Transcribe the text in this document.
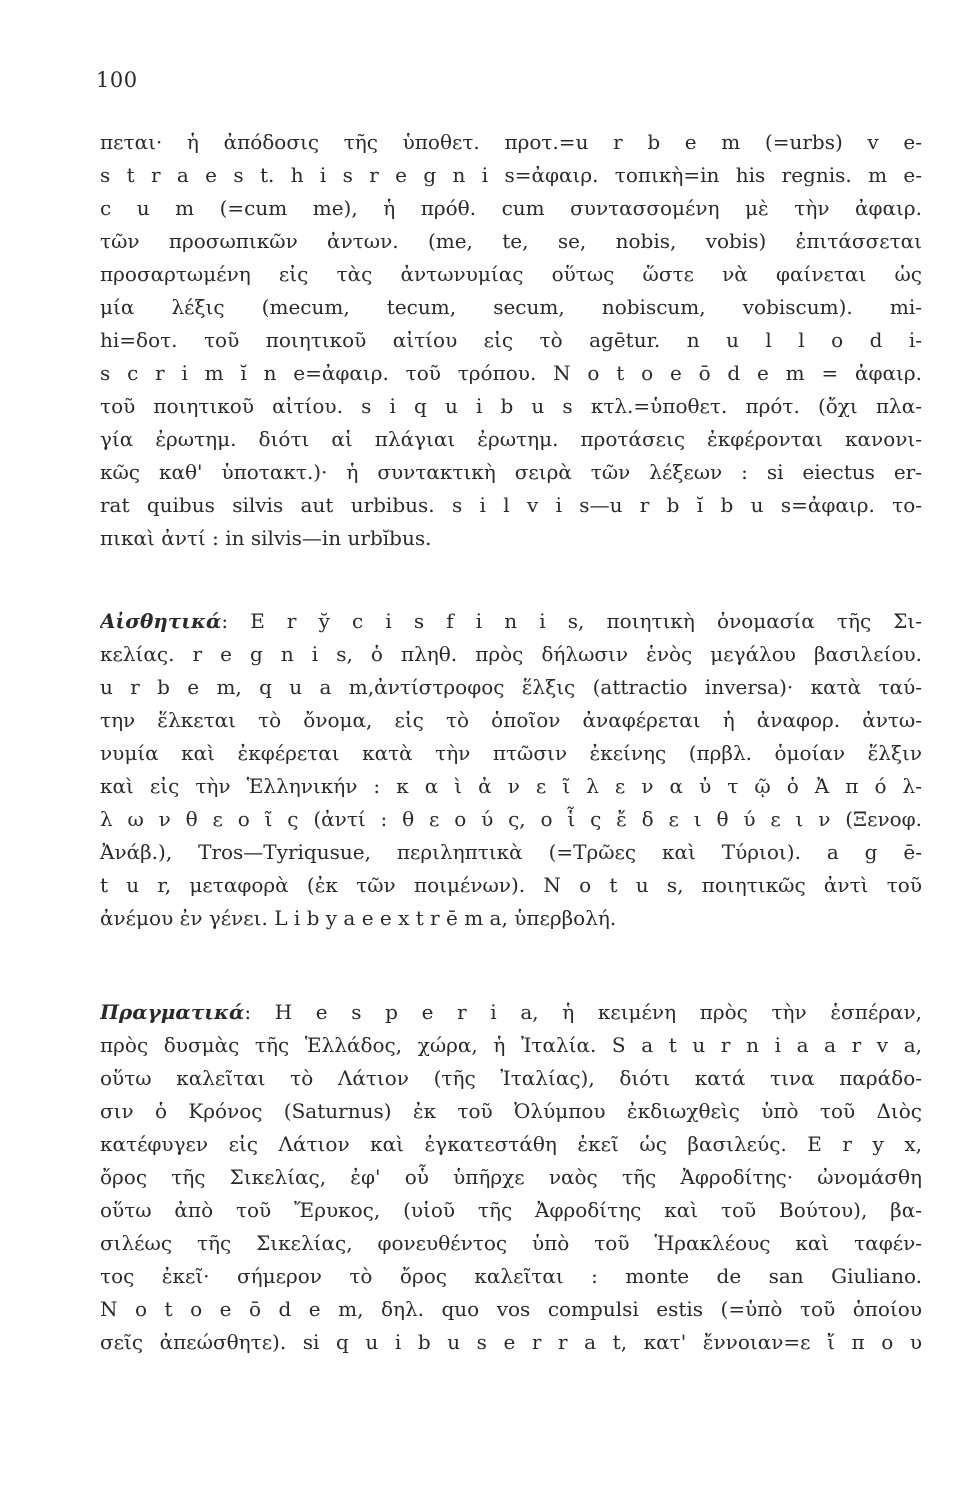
100
πεται· ἡ ἀπόδοσις τῆς ὑποθετ. προτ.=u r b e m (=urbs) v e-
s t r a e s t. h i s r e g n i s=ἀφαιρ. τοπικὴ=in his regnis. m e-
c u m (=cum me), ἡ πρόθ. cum συντασσομένη μὲ τὴν ἀφαιρ.
τῶν προσωπικῶν ἀντων. (me, te, se, nobis, vobis) ἐπιτάσσεται
προσαρτωμένη εἰς τὰς ἀντωνυμίας οὕτως ὥστε νὰ φαίνεται ὡς
μία λέξις (mecum, tecum, secum, nobiscum, vobiscum). mi-
hi=δοτ. τοῦ ποιητικοῦ αἰτίου εἰς τὸ agētur. n u l l o d i-
s c r i m ĭ n e=ἀφαιρ. τοῦ τρόπου. N o t o e ō d e m = ἀφαιρ.
τοῦ ποιητικοῦ αἰτίου. s i q u i b u s κτλ.=ὑποθετ. πρότ. (ὄχι πλα-
γία ἐρωτημ. διότι αἱ πλάγιαι ἐρωτημ. προτάσεις ἐκφέρονται κανονι-
κῶς καθ' ὑποτακτ.)· ἡ συντακτικὴ σειρὰ τῶν λέξεων : si eiectus er-
rat quibus silvis aut urbibus. s i l v i s—u r b ĭ b u s=ἀφαιρ. το-
πικαὶ ἀντί : in silvis—in urbĭbus.
Αἰσθητικά: E r y̆ c i s f i n i s, ποιητικὴ ὀνομασία τῆς Σι-
κελίας. r e g n i s, ὁ πληθ. πρὸς δήλωσιν ἑνὸς μεγάλου βασιλείου.
u r b e m, q u a m,ἀντίστροφος ἕλξις (attractio inversa)· κατὰ ταύ-
την ἕλκεται τὸ ὄνομα, εἰς τὸ ὁποῖον ἀναφέρεται ἡ ἀναφορ. ἀντω-
νυμία καὶ ἐκφέρεται κατὰ τὴν πτῶσιν ἐκείνης (πρβλ. ὁμοίαν ἕλξιν
καὶ εἰς τὴν Ἑλληνικήν : κ α ὶ ἀ ν ε ῖ λ ε ν α ὐ τ ῷ ὁ Ἀ π ό λ-
λ ω ν θ ε ο ῖ ς (ἀντί : θ ε ο ύ ς, ο ἷ ς ἔ δ ε ι θ ύ ε ι ν (Ξενοφ.
Ἀνάβ.), Tros—Tyriqusue, περιληπτικὰ (=Τρῶες καὶ Τύριοι). a g ē-
t u r, μεταφορὰ (ἐκ τῶν ποιμένων). N o t u s, ποιητικῶς ἀντὶ τοῦ
ἀνέμου ἐν γένει. L i b y a e e x t r ē m a, ὑπερβολή.
Πραγματικά: H e s p e r i a, ἡ κειμένη πρὸς τὴν ἑσπέραν,
πρὸς δυσμὰς τῆς Ἑλλάδος, χώρα, ἡ Ἰταλία. S a t u r n i a a r v a,
οὕτω καλεῖται τὸ Λάτιον (τῆς Ἰταλίας), διότι κατά τινα παράδο-
σιν ὁ Κρόνος (Saturnus) ἐκ τοῦ Ὀλύμπου ἐκδιωχθεὶς ὑπὸ τοῦ Διὸς
κατέφυγεν εἰς Λάτιον καὶ ἐγκατεστάθη ἐκεῖ ὡς βασιλεύς. E r y x,
ὄρος τῆς Σικελίας, ἐφ' οὗ ὑπῆρχε ναὸς τῆς Ἀφροδίτης· ὠνομάσθη
οὕτω ἀπὸ τοῦ Ἔρυκος, (υἱοῦ τῆς Ἀφροδίτης καὶ τοῦ Βούτου), βα-
σιλέως τῆς Σικελίας, φονευθέντος ὑπὸ τοῦ Ἡρακλέους καὶ ταφέν-
τος ἐκεῖ· σήμερον τὸ ὄρος καλεῖται : monte de san Giuliano.
N o t o e ō d e m, δηλ. quo vos compulsi estis (=ὑπὸ τοῦ ὁποίου
σεῖς ἀπεώσθητε). si q u i b u s e r r a t, κατ' ἔννοιαν=ε ἴ π ο υ
